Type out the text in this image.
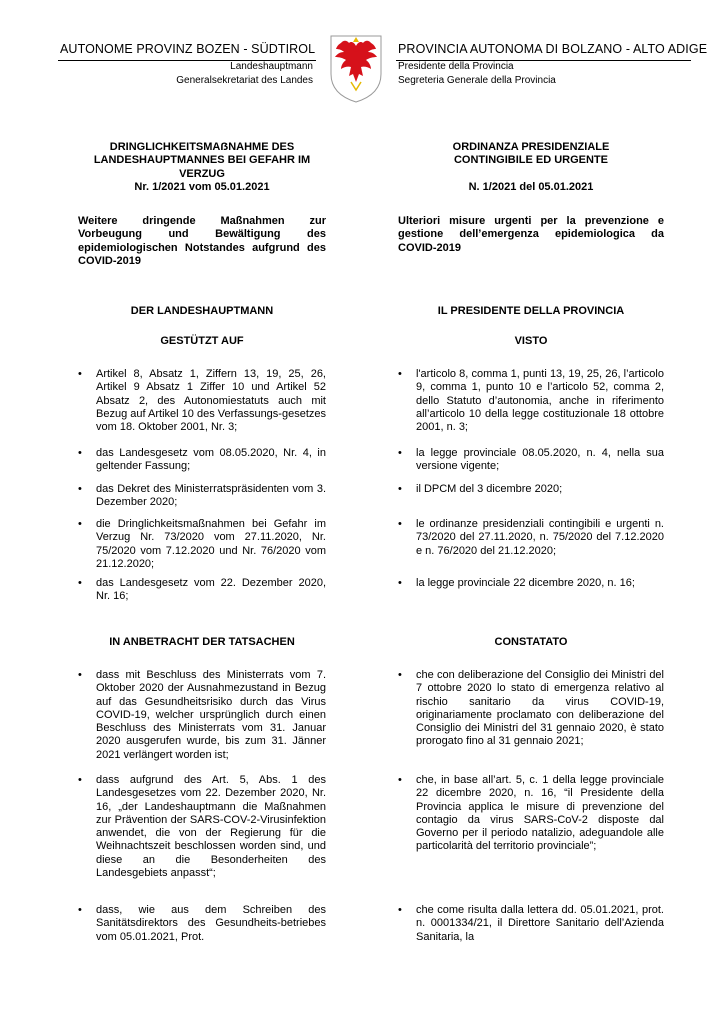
AUTONOME PROVINZ BOZEN - SÜDTIROL
Landeshauptmann
Generalsekretariat des Landes
PROVINCIA AUTONOMA DI BOLZANO - ALTO ADIGE
Presidente della Provincia
Segreteria Generale della Provincia
DRINGLICHKEITSMAẞNAHME DES
LANDESHAUPTMANNES BEI GEFAHR IM
VERZUG
Nr. 1/2021 vom 05.01.2021
Weitere dringende Maßnahmen zur Vorbeugung und Bewältigung des epidemiologischen Notstandes aufgrund des COVID-2019
DER LANDESHAUPTMANN
GESTÜTZT AUF
•	Artikel 8, Absatz 1, Ziffern 13, 19, 25, 26, Artikel 9 Absatz 1 Ziffer 10 und Artikel 52 Absatz 2, des Autonomiestatuts auch mit Bezug auf Artikel 10 des Verfassungs-gesetzes vom 18. Oktober 2001, Nr. 3;
•	das Landesgesetz vom 08.05.2020, Nr. 4, in geltender Fassung;
•	das Dekret des Ministerratspräsidenten vom 3. Dezember 2020;
•	die Dringlichkeitsmaßnahmen bei Gefahr im Verzug Nr. 73/2020 vom 27.11.2020, Nr. 75/2020 vom 7.12.2020 und Nr. 76/2020 vom 21.12.2020;
•	das Landesgesetz vom 22. Dezember 2020, Nr. 16;
IN ANBETRACHT DER TATSACHEN
•	dass mit Beschluss des Ministerrats vom 7. Oktober 2020 der Ausnahmezustand in Bezug auf das Gesundheitsrisiko durch das Virus COVID-19, welcher ursprünglich durch einen Beschluss des Ministerrats vom 31. Januar 2020 ausgerufen wurde, bis zum 31. Jänner 2021 verlängert worden ist;
•	dass aufgrund des Art. 5, Abs. 1 des Landesgesetzes vom 22. Dezember 2020, Nr. 16, „der Landeshauptmann die Maßnahmen zur Prävention der SARS-COV-2-Virusinfektion anwendet, die von der Regierung für die Weihnachtszeit beschlossen worden sind, und diese an die Besonderheiten des Landesgebiets anpasst“;
•	dass, wie aus dem Schreiben des Sanitätsdirektors des Gesundheits-betriebes vom 05.01.2021, Prot.
ORDINANZA PRESIDENZIALE
CONTINGIBILE ED URGENTE
N. 1/2021 del 05.01.2021
Ulteriori misure urgenti per la prevenzione e gestione dell’emergenza epidemiologica da COVID-2019
IL PRESIDENTE DELLA PROVINCIA
VISTO
•	l'articolo 8, comma 1, punti 13, 19, 25, 26, l’articolo 9, comma 1, punto 10 e l’articolo 52, comma 2, dello Statuto d’autonomia, anche in riferimento all’articolo 10 della legge costituzionale 18 ottobre 2001, n. 3;
•	la legge provinciale 08.05.2020, n. 4, nella sua versione vigente;
•	il DPCM del 3 dicembre 2020;
•	le ordinanze presidenziali contingibili e urgenti n. 73/2020 del 27.11.2020, n. 75/2020 del 7.12.2020 e n. 76/2020 del 21.12.2020;
•	la legge provinciale 22 dicembre 2020, n. 16;
CONSTATATO
•	che con deliberazione del Consiglio dei Ministri del 7 ottobre 2020 lo stato di emergenza relativo al rischio sanitario da virus COVID-19, originariamente proclamato con deliberazione del Consiglio dei Ministri del 31 gennaio 2020, è stato prorogato fino al 31 gennaio 2021;
•	che, in base all’art. 5, c. 1 della legge provinciale 22 dicembre 2020, n. 16, “il Presidente della Provincia applica le misure di prevenzione del contagio da virus SARS-CoV-2 disposte dal Governo per il periodo natalizio, adeguandole alle particolarità del territorio provinciale”;
•	che come risulta dalla lettera dd. 05.01.2021, prot. n. 0001334/21, il Direttore Sanitario dell’Azienda Sanitaria, la
